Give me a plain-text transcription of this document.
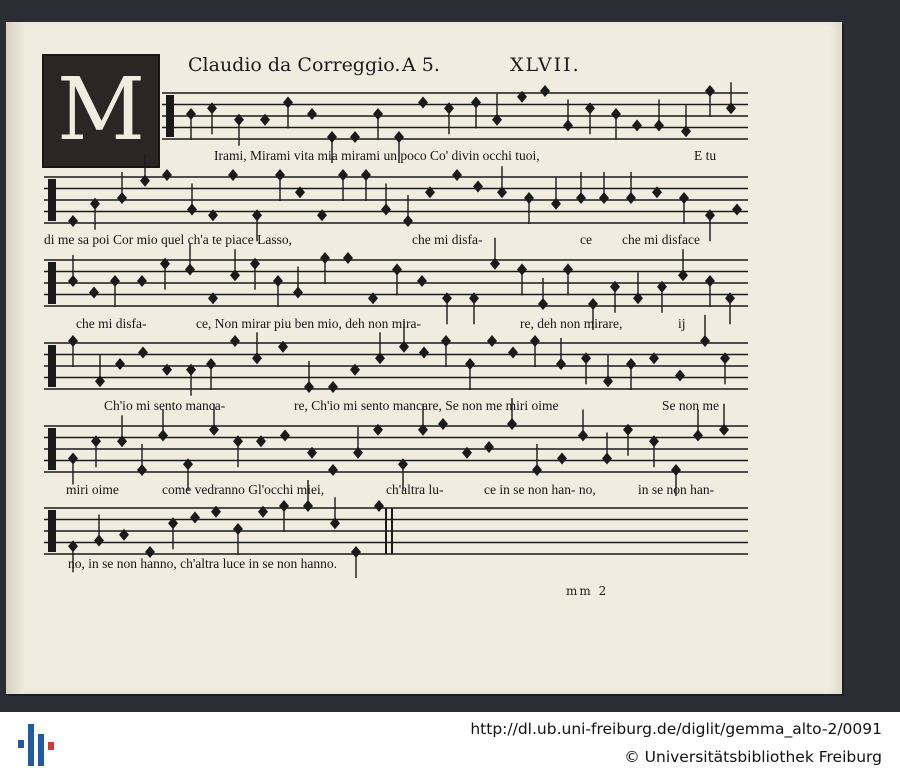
M	Claudio da Correggio. A 5.	XLVII.
Irami, Mirami vita mia mirami un poco Co' divin occhi tuoi,	E tu
di me sa poi Cor mio quel ch'a te piace Lasso,	che mi disfa-	ce che mi disface
che mi disfa-	ce, Non mirar piu ben mio, deh non mira-	re, deh non mirare,	ij
Ch'io mi sento manca-	re, Ch'io mi sento mancare, Se non me miri oime	Se non me
miri oime	come vedranno Gl'occhi miei,	ch'altra lu-	ce in se non han- no,	in se non han-
no, in se non hanno, ch'altra luce in se non hanno.
mm 2
http://dl.ub.uni-freiburg.de/diglit/gemma_alto-2/0091
© Universitätsbibliothek Freiburg
